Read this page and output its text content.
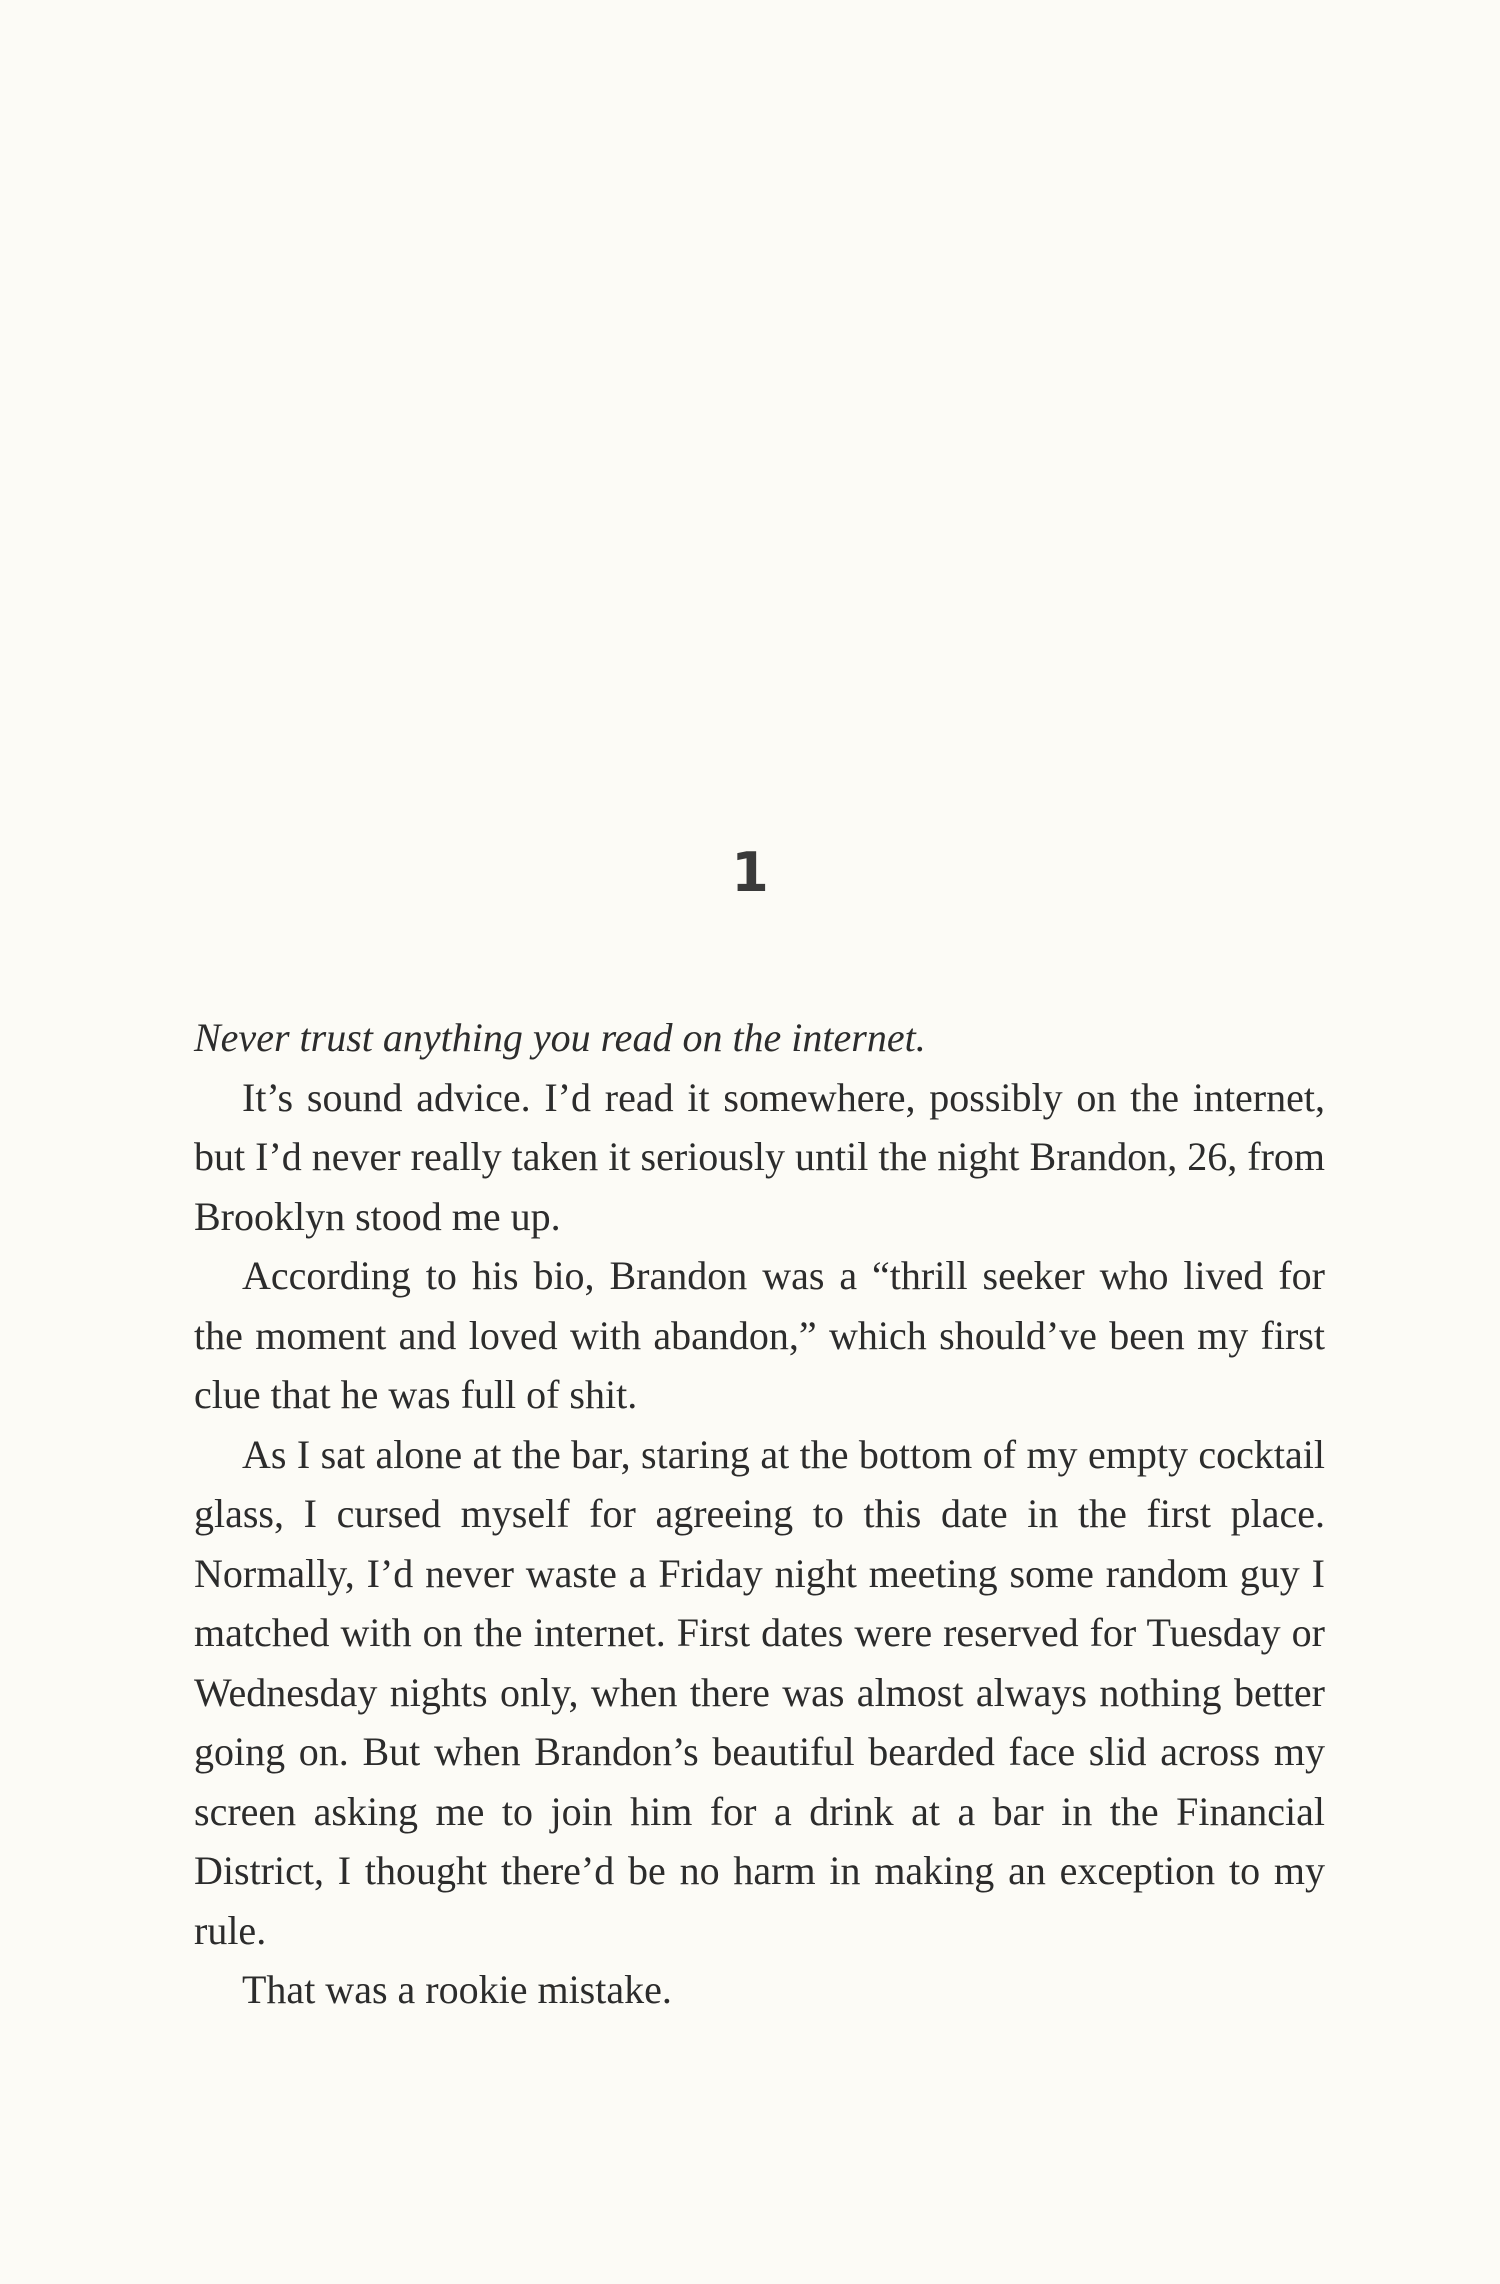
1

Never trust anything you read on the internet.

It’s sound advice. I’d read it somewhere, possibly on the internet, but I’d never really taken it seriously until the night Brandon, 26, from Brooklyn stood me up.

According to his bio, Brandon was a “thrill seeker who lived for the moment and loved with abandon,” which should’ve been my first clue that he was full of shit.

As I sat alone at the bar, staring at the bottom of my empty cocktail glass, I cursed myself for agreeing to this date in the first place. Normally, I’d never waste a Friday night meeting some random guy I matched with on the internet. First dates were reserved for Tuesday or Wednesday nights only, when there was almost always nothing better going on. But when Brandon’s beautiful bearded face slid across my screen asking me to join him for a drink at a bar in the Financial District, I thought there’d be no harm in making an exception to my rule.

That was a rookie mistake.
